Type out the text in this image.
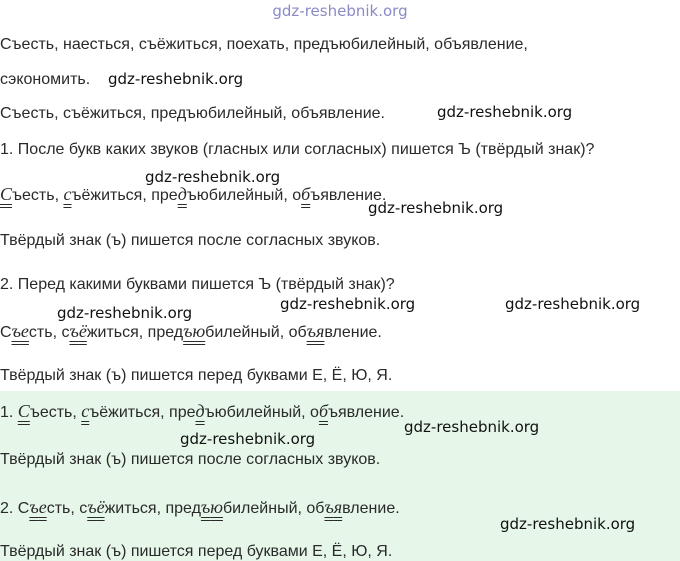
gdz-reshebnik.org
Съесть, наесться, съёжиться, поехать, предъюбилейный, объявление,
сэкономить. gdz-reshebnik.org
Съесть, съёжиться, предъюбилейный, объявление.	gdz-reshebnik.org
1. После букв каких звуков (гласных или согласных) пишется Ъ (твёрдый знак)?
gdz-reshebnik.org
Съесть, съёжиться, предъюбилейный, объявление.
gdz-reshebnik.org
Твёрдый знак (ъ) пишется после согласных звуков.
2. Перед какими буквами пишется Ъ (твёрдый знак)?
gdz-reshebnik.org	gdz-reshebnik.org
gdz-reshebnik.org
Съесть, съёжиться, предъюбилейный, объявление.
Твёрдый знак (ъ) пишется перед буквами Е, Ё, Ю, Я.
1. Съесть, съёжиться, предъюбилейный, объявление.
gdz-reshebnik.org
gdz-reshebnik.org
Твёрдый знак (ъ) пишется после согласных звуков.
2. Съесть, съёжиться, предъюбилейный, объявление.
gdz-reshebnik.org
Твёрдый знак (ъ) пишется перед буквами Е, Ё, Ю, Я.
